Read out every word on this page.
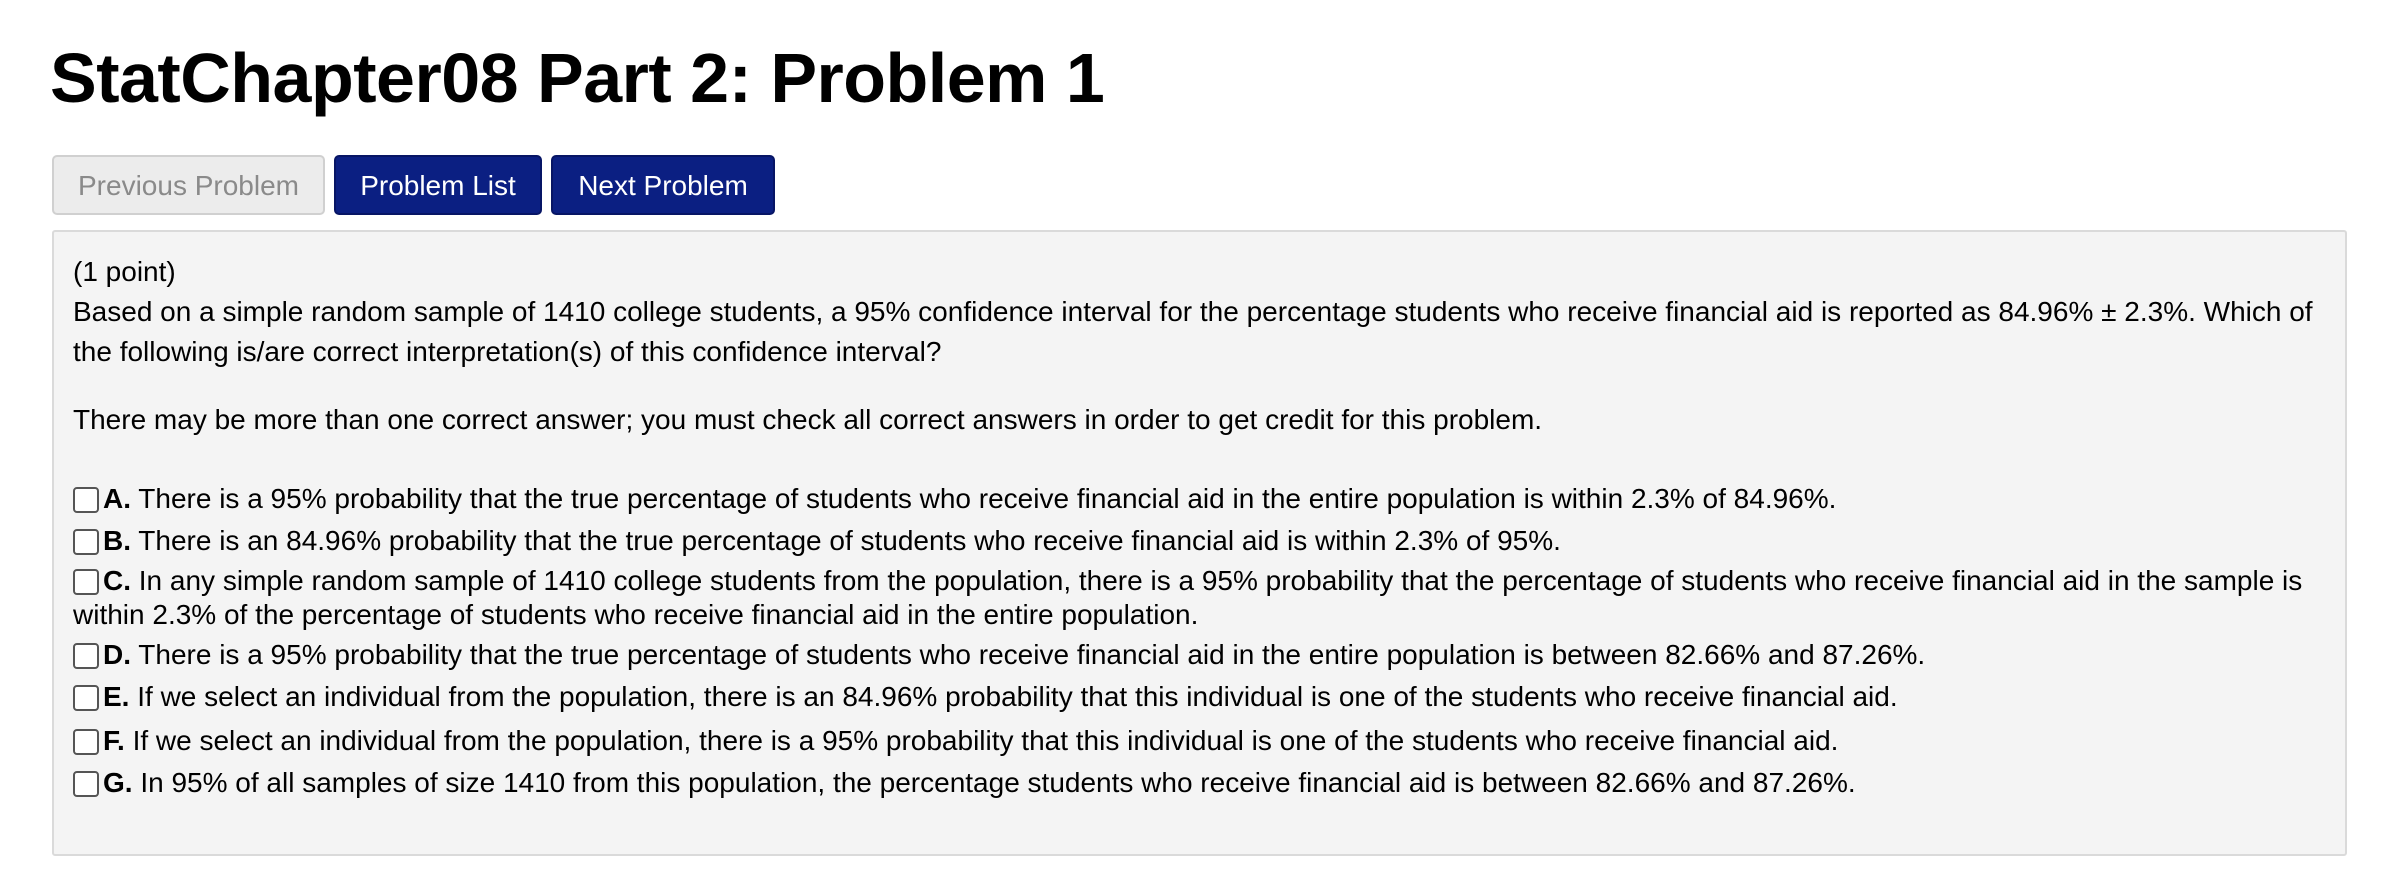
StatChapter08 Part 2: Problem 1
Previous Problem	Problem List	Next Problem
(1 point)
Based on a simple random sample of 1410 college students, a 95% confidence interval for the percentage students who receive financial aid is reported as 84.96% ± 2.3%. Which of the following is/are correct interpretation(s) of this confidence interval?
There may be more than one correct answer; you must check all correct answers in order to get credit for this problem.
A. There is a 95% probability that the true percentage of students who receive financial aid in the entire population is within 2.3% of 84.96%.
B. There is an 84.96% probability that the true percentage of students who receive financial aid is within 2.3% of 95%.
C. In any simple random sample of 1410 college students from the population, there is a 95% probability that the percentage of students who receive financial aid in the sample is within 2.3% of the percentage of students who receive financial aid in the entire population.
D. There is a 95% probability that the true percentage of students who receive financial aid in the entire population is between 82.66% and 87.26%.
E. If we select an individual from the population, there is an 84.96% probability that this individual is one of the students who receive financial aid.
F. If we select an individual from the population, there is a 95% probability that this individual is one of the students who receive financial aid.
G. In 95% of all samples of size 1410 from this population, the percentage students who receive financial aid is between 82.66% and 87.26%.
